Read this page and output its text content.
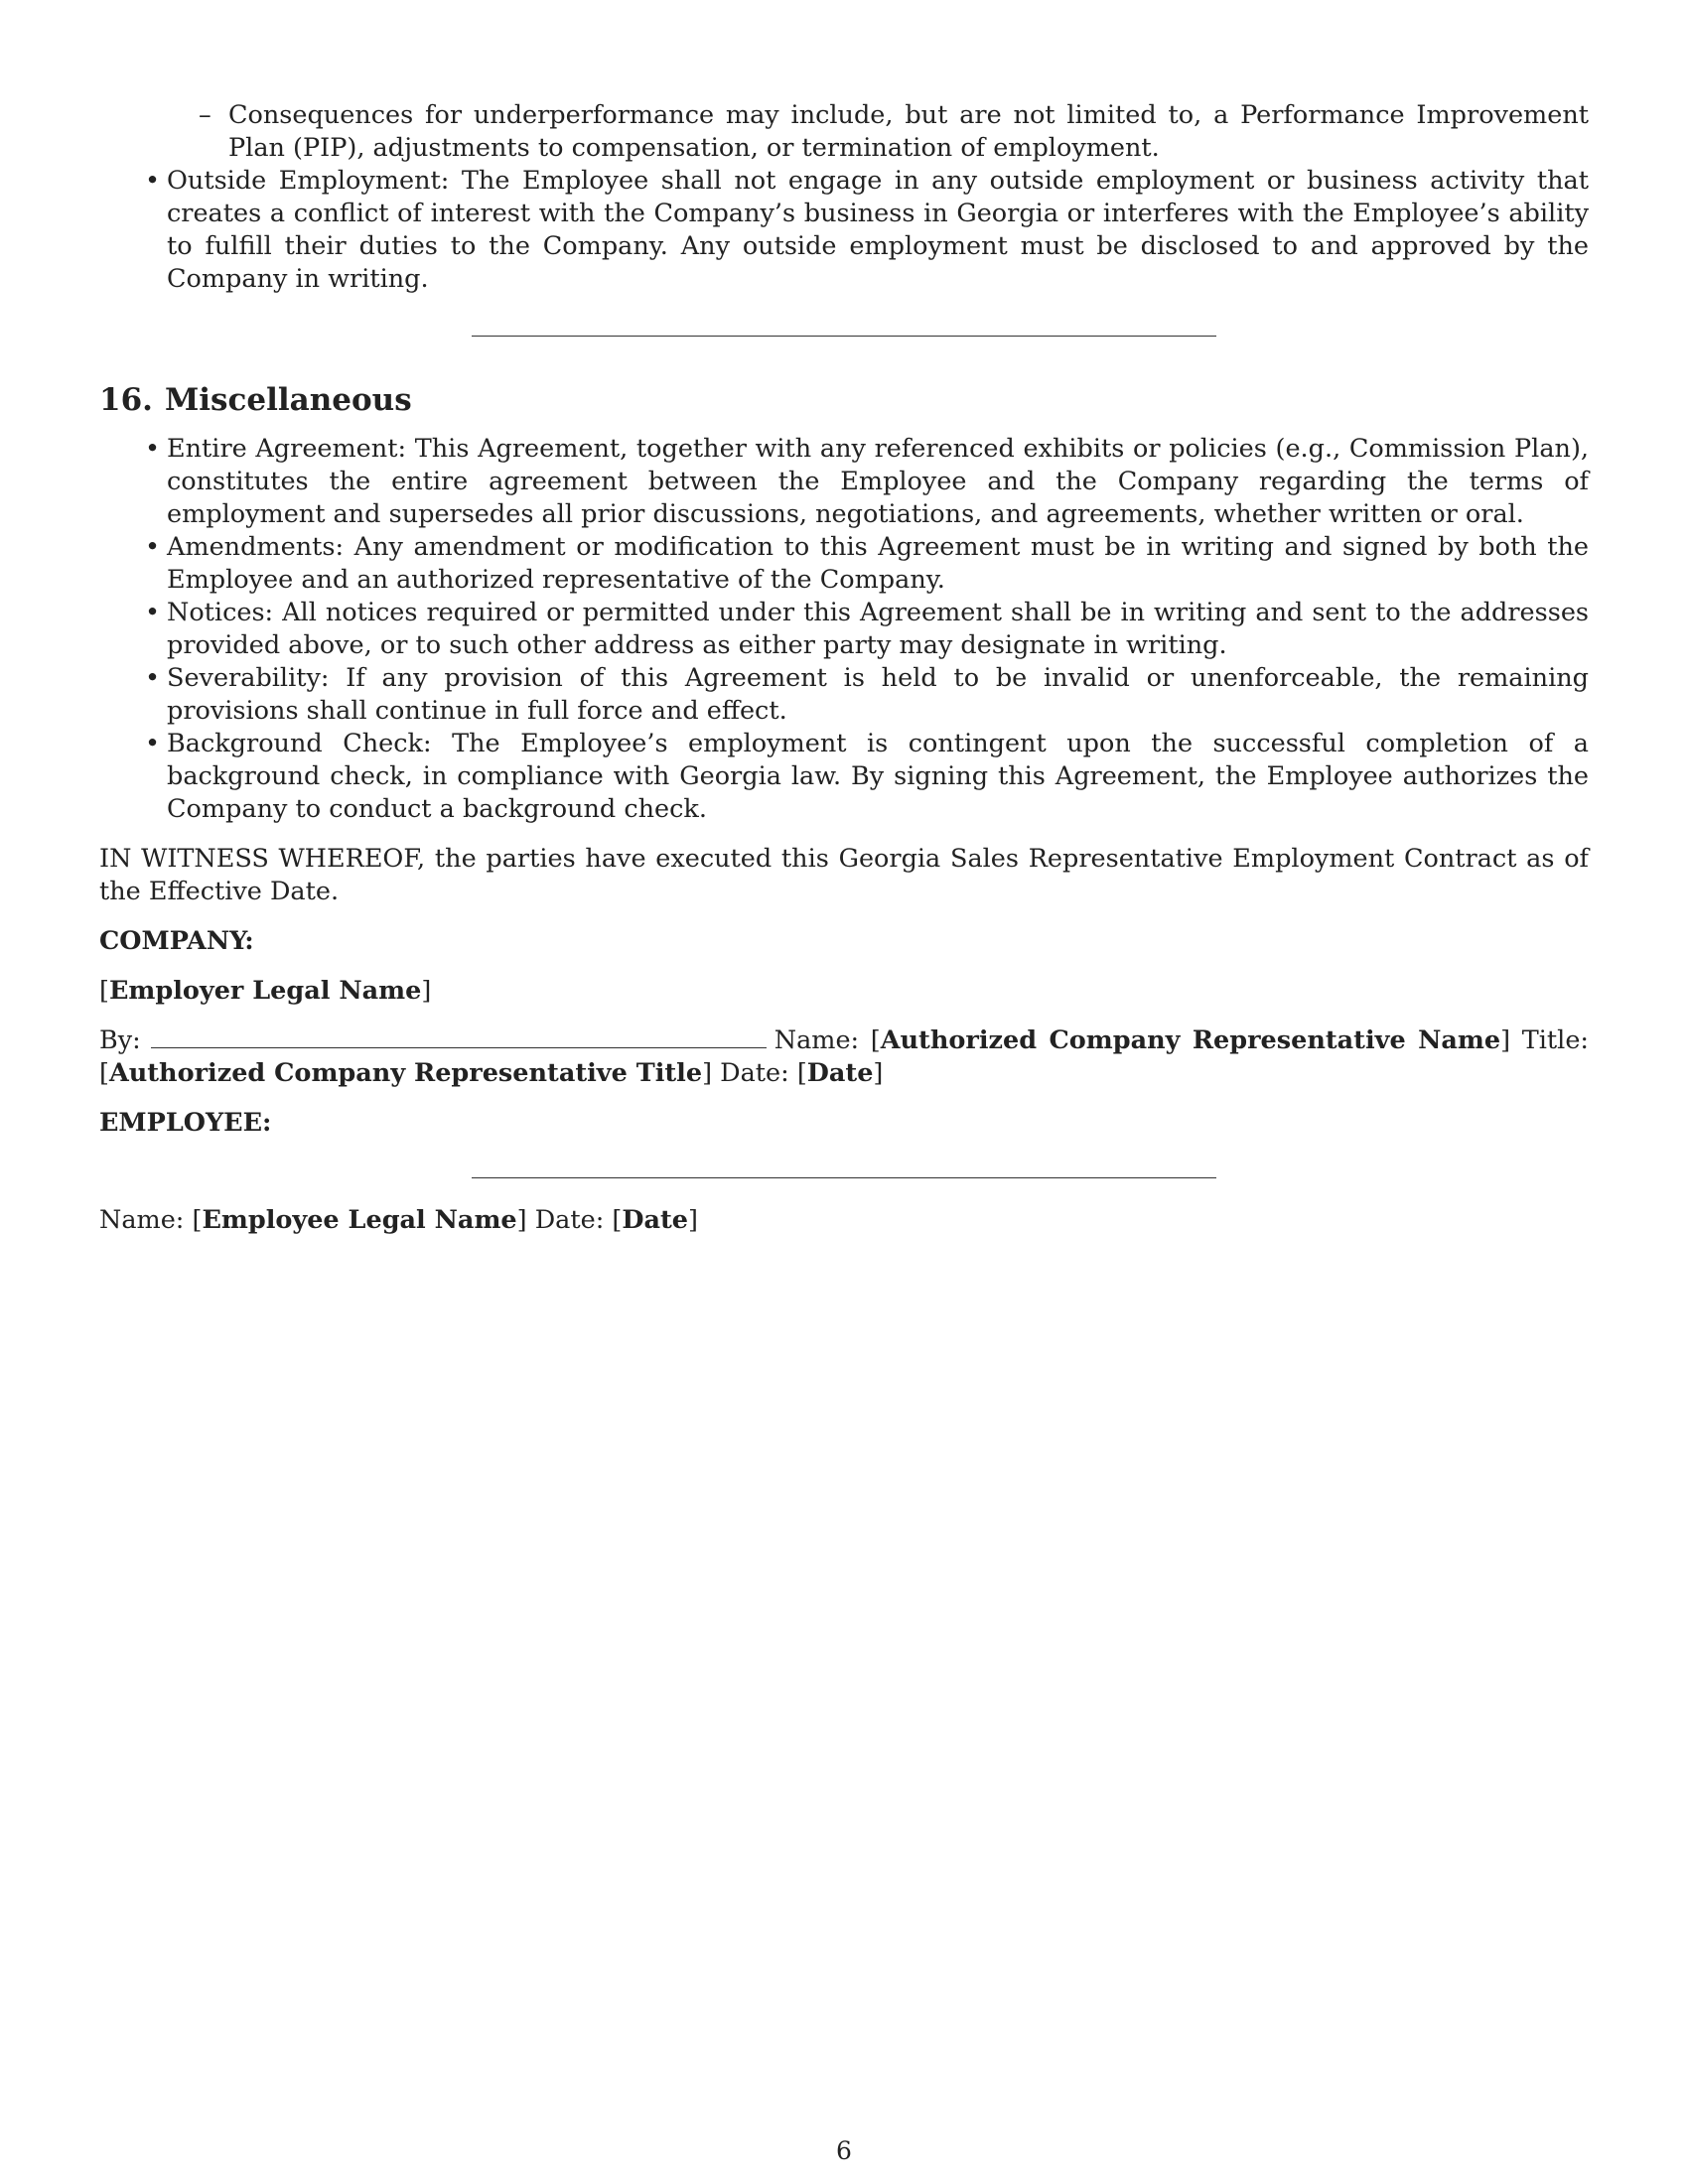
– Consequences for underperformance may include, but are not limited to, a Performance Improvement Plan (PIP), adjustments to compensation, or termination of employment.
• Outside Employment: The Employee shall not engage in any outside employment or business activity that creates a conflict of interest with the Company’s business in Georgia or interferes with the Employee’s ability to fulfill their duties to the Company. Any outside employment must be disclosed to and approved by the Company in writing.
16. Miscellaneous
• Entire Agreement: This Agreement, together with any referenced exhibits or policies (e.g., Commission Plan), constitutes the entire agreement between the Employee and the Company regarding the terms of employment and supersedes all prior discussions, negotiations, and agreements, whether written or oral.
• Amendments: Any amendment or modification to this Agreement must be in writing and signed by both the Employee and an authorized representative of the Company.
• Notices: All notices required or permitted under this Agreement shall be in writing and sent to the addresses provided above, or to such other address as either party may designate in writing.
• Severability: If any provision of this Agreement is held to be invalid or unenforceable, the remaining provisions shall continue in full force and effect.
• Background Check: The Employee’s employment is contingent upon the successful completion of a background check, in compliance with Georgia law. By signing this Agreement, the Employee authorizes the Company to conduct a background check.

IN WITNESS WHEREOF, the parties have executed this Georgia Sales Representative Employment Contract as of the Effective Date.

COMPANY:

[Employer Legal Name]

By:	Name: [Authorized Company Representative Name] Title: [Authorized Company Representative Title] Date: [Date]

EMPLOYEE:

Name: [Employee Legal Name] Date: [Date]

6
